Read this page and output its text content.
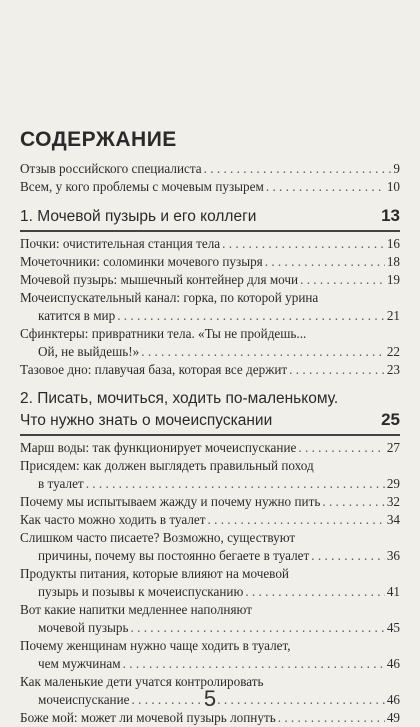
СОДЕРЖАНИЕ
Отзыв российского специалиста . . .	9
Всем, у кого проблемы с мочевым пузырем . . .	10
1. Мочевой пузырь и его коллеги	13
Почки: очистительная станция тела . . .	16
Мочеточники: соломинки мочевого пузыря . . .	18
Мочевой пузырь: мышечный контейнер для мочи . . .	19
Мочеиспускательный канал: горка, по которой урина
катится в мир . . .	21
Сфинктеры: привратники тела. «Ты не пройдешь...
Ой, не выйдешь!» . . .	22
Тазовое дно: плавучая база, которая все держит . . .	23
2. Писать, мочиться, ходить по-маленькому.
Что нужно знать о мочеиспускании	25
Марш воды: так функционирует мочеиспускание . . .	27
Присядем: как должен выглядеть правильный поход
в туалет . . .	29
Почему мы испытываем жажду и почему нужно пить . . .	32
Как часто можно ходить в туалет . . .	34
Слишком часто писаете? Возможно, существуют
причины, почему вы постоянно бегаете в туалет . . .	36
Продукты питания, которые влияют на мочевой
пузырь и позывы к мочеиспусканию . . .	41
Вот какие напитки медленнее наполняют
мочевой пузырь . . .	45
Почему женщинам нужно чаще ходить в туалет,
чем мужчинам . . .	46
Как маленькие дети учатся контролировать
мочеиспускание . . .	46
Боже мой: может ли мочевой пузырь лопнуть . . .	49
5
